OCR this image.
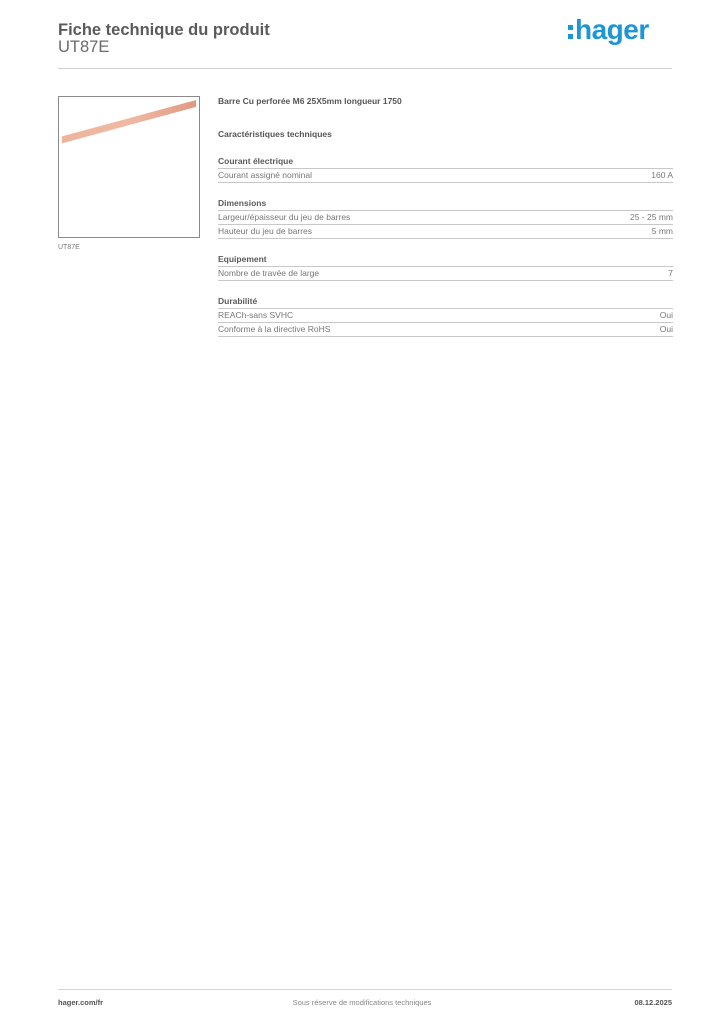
Fiche technique du produit
UT87E
hager
UT87E
Barre Cu perforée M6 25X5mm longueur 1750
Caractéristiques techniques
Courant électrique
Courant assigné nominal	160 A
Dimensions
Largeur/épaisseur du jeu de barres	25 - 25 mm
Hauteur du jeu de barres	5 mm
Equipement
Nombre de travée de large	7
Durabilité
REACh-sans SVHC	Oui
Conforme à la directive RoHS	Oui
hager.com/fr	Sous réserve de modifications techniques	08.12.2025
